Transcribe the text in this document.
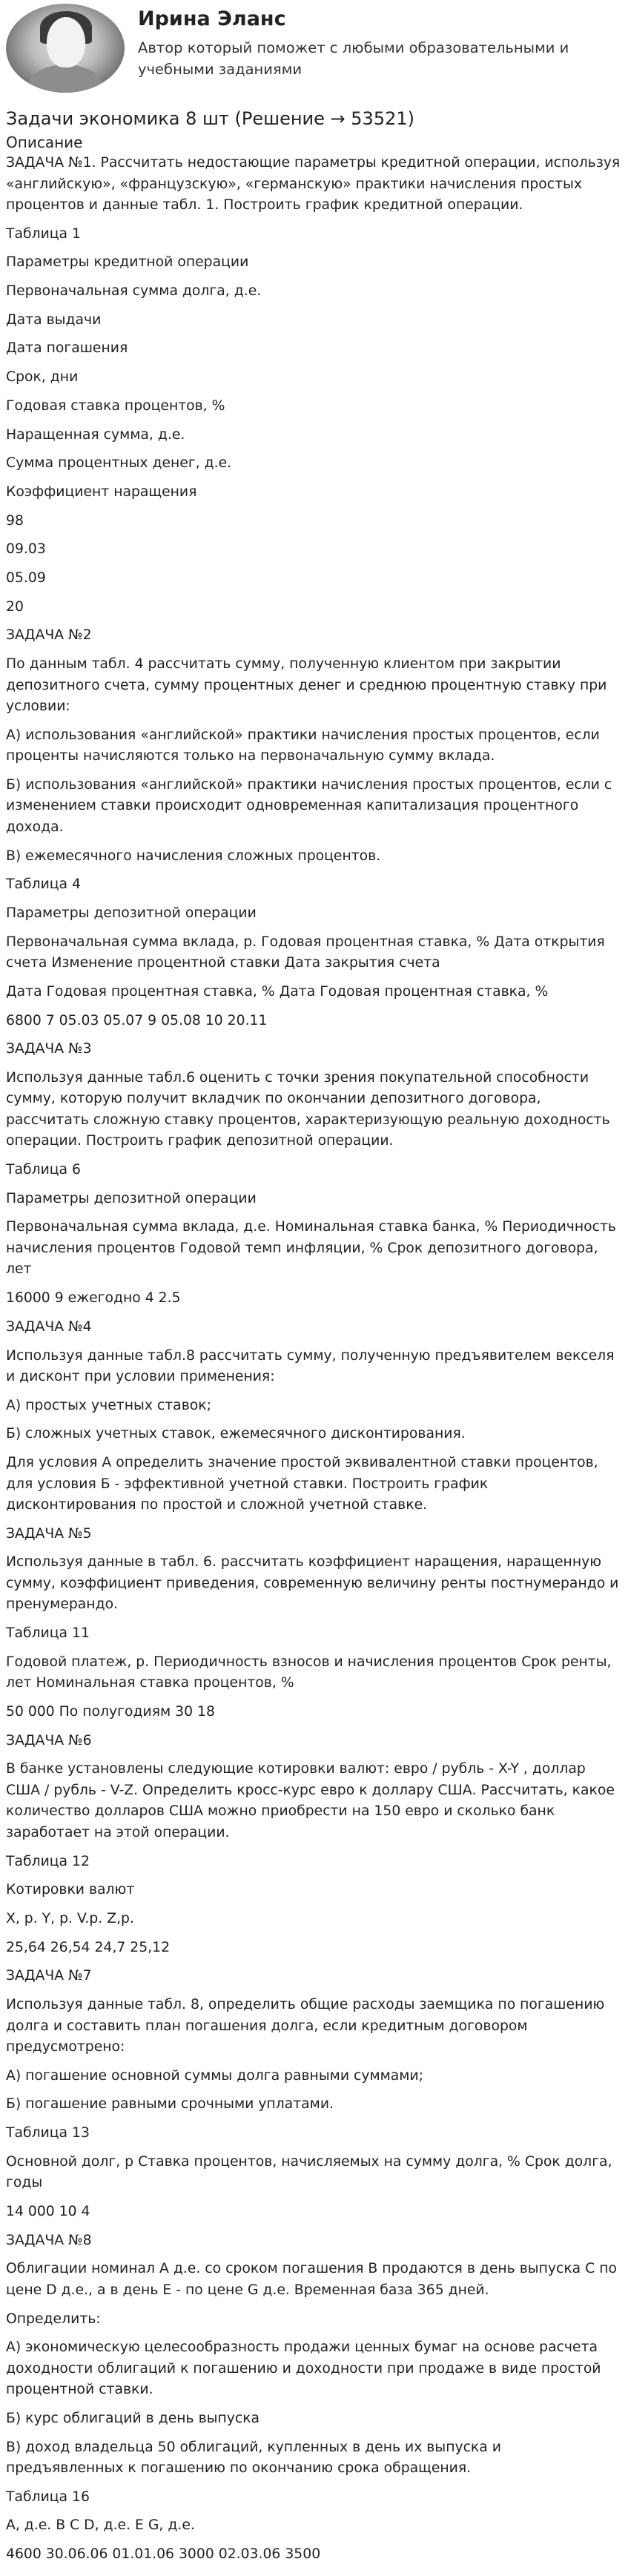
Ирина Эланс
Автор который поможет с любыми образовательными и учебными заданиями
Задачи экономика 8 шт (Решение → 53521)

Описание

ЗАДАЧА №1. Рассчитать недостающие параметры кредитной операции, используя «английскую», «французскую», «германскую» практики начисления простых процентов и данные табл. 1. Построить график кредитной операции.

Таблица 1

Параметры кредитной операции

Первоначальная сумма долга, д.е.

Дата выдачи

Дата погашения

Срок, дни

Годовая ставка процентов, %

Наращенная сумма, д.е.

Сумма процентных денег, д.е.

Коэффициент наращения

98

09.03

05.09

20

ЗАДАЧА №2

По данным табл. 4 рассчитать сумму, полученную клиентом при закрытии депозитного счета, сумму процентных денег и среднюю процентную ставку при условии:

А) использования «английской» практики начисления простых процентов, если проценты начисляются только на первоначальную сумму вклада.

Б) использования «английской» практики начисления простых процентов, если с изменением ставки происходит одновременная капитализация процентного дохода.

В) ежемесячного начисления сложных процентов.

Таблица 4

Параметры депозитной операции

Первоначальная сумма вклада, р. Годовая процентная ставка, % Дата открытия счета Изменение процентной ставки Дата закрытия счета

Дата Годовая процентная ставка, % Дата Годовая процентная ставка, %

6800 7 05.03 05.07 9 05.08 10 20.11

ЗАДАЧА №3

Используя данные табл.6 оценить с точки зрения покупательной способности сумму, которую получит вкладчик по окончании депозитного договора, рассчитать сложную ставку процентов, характеризующую реальную доходность операции. Построить график депозитной операции.

Таблица 6

Параметры депозитной операции

Первоначальная сумма вклада, д.е. Номинальная ставка банка, % Периодичность начисления процентов Годовой темп инфляции, % Срок депозитного договора, лет

16000 9 ежегодно 4 2.5

ЗАДАЧА №4

Используя данные табл.8 рассчитать сумму, полученную предъявителем векселя и дисконт при условии применения:

А) простых учетных ставок;

Б) сложных учетных ставок, ежемесячного дисконтирования.

Для условия А определить значение простой эквивалентной ставки процентов, для условия Б - эффективной учетной ставки. Построить график дисконтирования по простой и сложной учетной ставке.

ЗАДАЧА №5

Используя данные в табл. 6. рассчитать коэффициент наращения, наращенную сумму, коэффициент приведения, современную величину ренты постнумерандо и пренумерандо.

Таблица 11

Годовой платеж, р. Периодичность взносов и начисления процентов Срок ренты, лет Номинальная ставка процентов, %

50 000 По полугодиям 30 18

ЗАДАЧА №6

В банке установлены следующие котировки валют: евро / рубль - X-Y , доллар США / рубль - V-Z. Определить кросс-курс евро к доллару США. Рассчитать, какое количество долларов США можно приобрести на 150 евро и сколько банк заработает на этой операции.

Таблица 12

Котировки валют

X, р. Y, р. V.р. Z,р.

25,64 26,54 24,7 25,12

ЗАДАЧА №7

Используя данные табл. 8, определить общие расходы заемщика по погашению долга и составить план погашения долга, если кредитным договором предусмотрено:

А) погашение основной суммы долга равными суммами;

Б) погашение равными срочными уплатами.

Таблица 13

Основной долг, р Ставка процентов, начисляемых на сумму долга, % Срок долга, годы

14 000 10 4

ЗАДАЧА №8

Облигации номинал А д.е. со сроком погашения В продаются в день выпуска С по цене D д.е., а в день Е - по цене G д.е. Временная база 365 дней.

Определить:

А) экономическую целесообразность продажи ценных бумаг на основе расчета доходности облигаций к погашению и доходности при продаже в виде простой процентной ставки.

Б) курс облигаций в день выпуска

В) доход владельца 50 облигаций, купленных в день их выпуска и предъявленных к погашению по окончанию срока обращения.

Таблица 16

А, д.е. В С D, д.е. E G, д.е.

4600 30.06.06 01.01.06 3000 02.03.06 3500
